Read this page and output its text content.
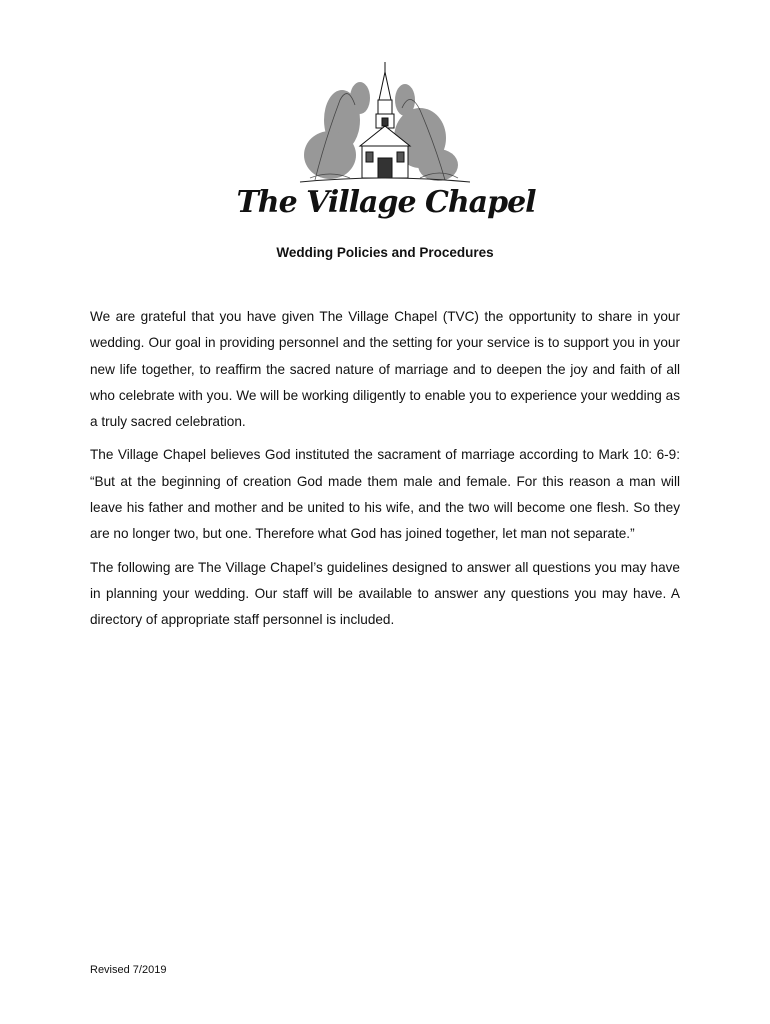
The Village Chapel
Wedding Policies and Procedures

We are grateful that you have given The Village Chapel (TVC) the opportunity to share in your wedding. Our goal in providing personnel and the setting for your service is to support you in your new life together, to reaffirm the sacred nature of marriage and to deepen the joy and faith of all who celebrate with you. We will be working diligently to enable you to experience your wedding as a truly sacred celebration.

The Village Chapel believes God instituted the sacrament of marriage according to Mark 10: 6-9: “But at the beginning of creation God made them male and female. For this reason a man will leave his father and mother and be united to his wife, and the two will become one flesh. So they are no longer two, but one. Therefore what God has joined together, let man not separate.”

The following are The Village Chapel’s guidelines designed to answer all questions you may have in planning your wedding. Our staff will be available to answer any questions you may have. A directory of appropriate staff personnel is included.

Revised 7/2019
